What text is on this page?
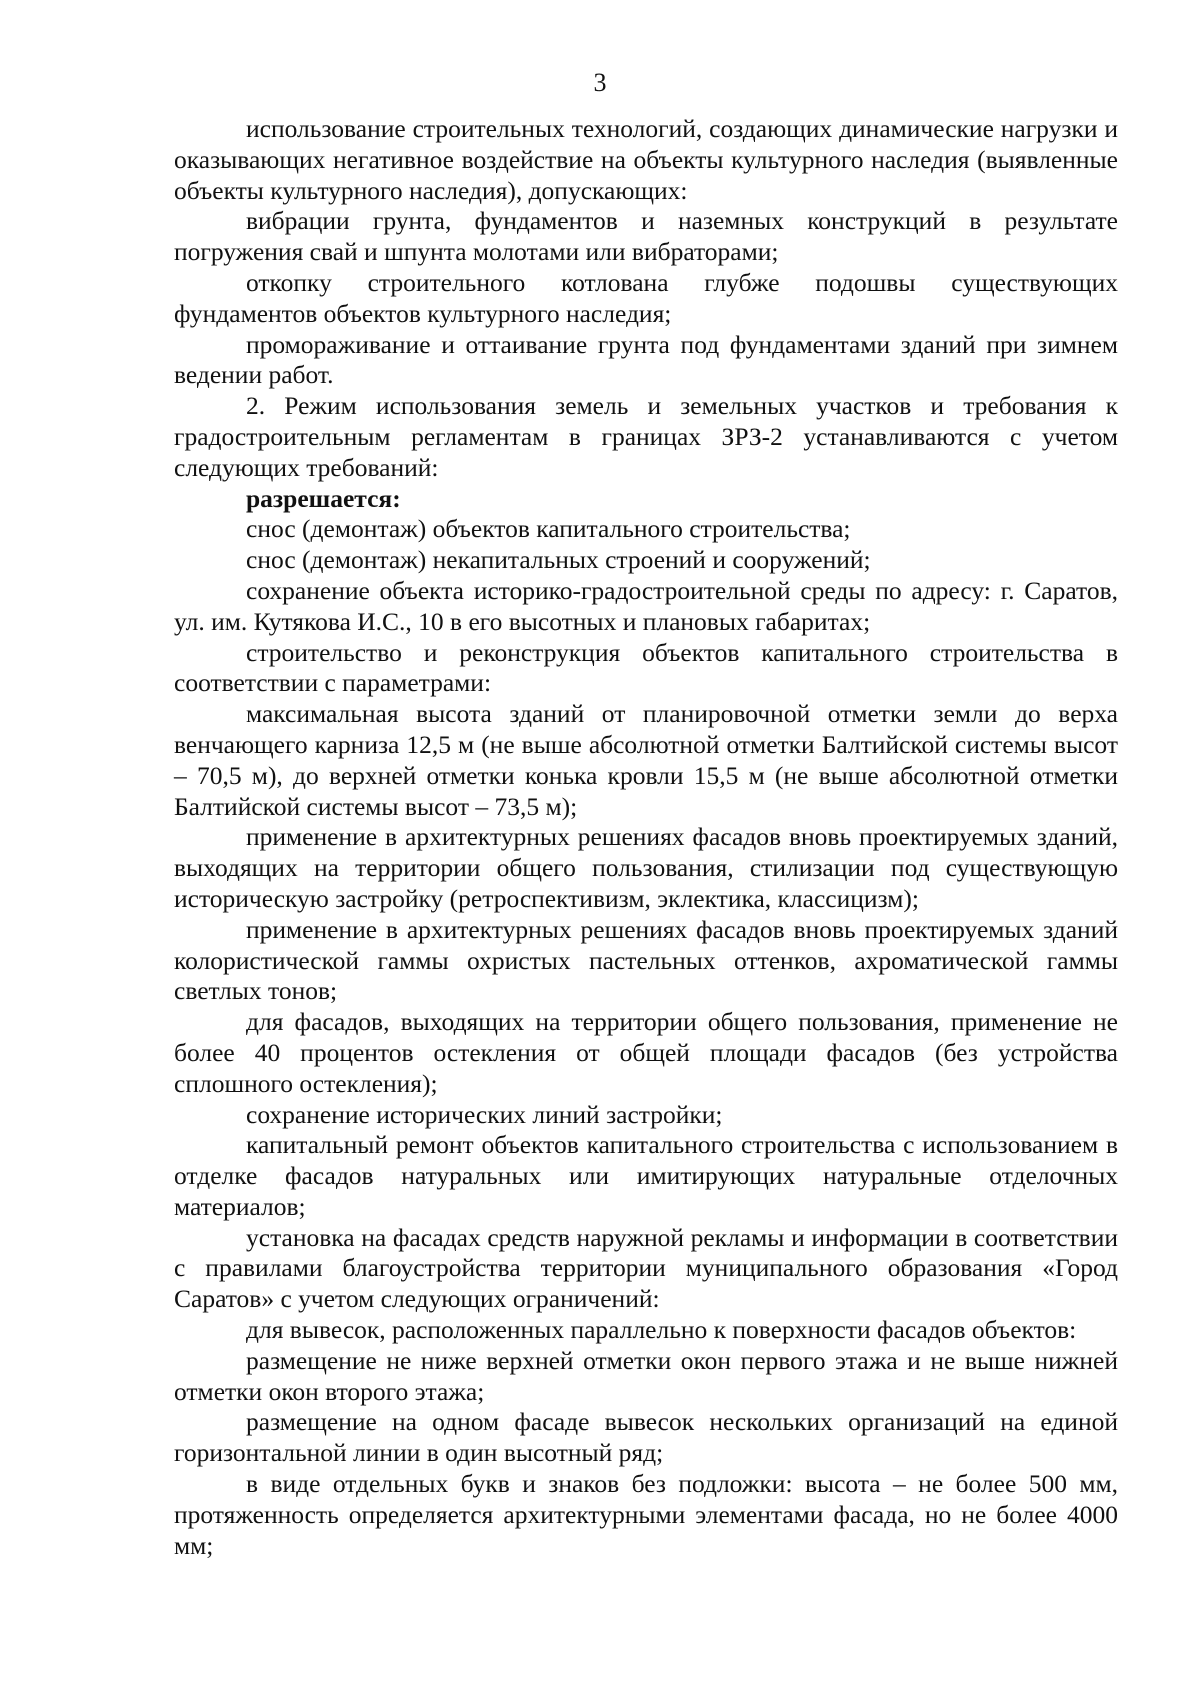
3

использование строительных технологий, создающих динамические нагрузки и оказывающих негативное воздействие на объекты культурного наследия (выявленные объекты культурного наследия), допускающих:

вибрации грунта, фундаментов и наземных конструкций в результате погружения свай и шпунта молотами или вибраторами;

откопку строительного котлована глубже подошвы существующих фундаментов объектов культурного наследия;

промораживание и оттаивание грунта под фундаментами зданий при зимнем ведении работ.

2. Режим использования земель и земельных участков и требования к градостроительным регламентам в границах ЗРЗ-2 устанавливаются с учетом следующих требований:

разрешается:

снос (демонтаж) объектов капитального строительства;

снос (демонтаж) некапитальных строений и сооружений;

сохранение объекта историко-градостроительной среды по адресу: г. Саратов, ул. им. Кутякова И.С., 10 в его высотных и плановых габаритах;

строительство и реконструкция объектов капитального строительства в соответствии с параметрами:

максимальная высота зданий от планировочной отметки земли до верха венчающего карниза 12,5 м (не выше абсолютной отметки Балтийской системы высот – 70,5 м), до верхней отметки конька кровли 15,5 м (не выше абсолютной отметки Балтийской системы высот – 73,5 м);

применение в архитектурных решениях фасадов вновь проектируемых зданий, выходящих на территории общего пользования, стилизации под существующую историческую застройку (ретроспективизм, эклектика, классицизм);

применение в архитектурных решениях фасадов вновь проектируемых зданий колористической гаммы охристых пастельных оттенков, ахроматической гаммы светлых тонов;

для фасадов, выходящих на территории общего пользования, применение не более 40 процентов остекления от общей площади фасадов (без устройства сплошного остекления);

сохранение исторических линий застройки;

капитальный ремонт объектов капитального строительства с использованием в отделке фасадов натуральных или имитирующих натуральные отделочных материалов;

установка на фасадах средств наружной рекламы и информации в соответствии с правилами благоустройства территории муниципального образования «Город Саратов» с учетом следующих ограничений:

для вывесок, расположенных параллельно к поверхности фасадов объектов:

размещение не ниже верхней отметки окон первого этажа и не выше нижней отметки окон второго этажа;

размещение на одном фасаде вывесок нескольких организаций на единой горизонтальной линии в один высотный ряд;

в виде отдельных букв и знаков без подложки: высота – не более 500 мм, протяженность определяется архитектурными элементами фасада, но не более 4000 мм;
